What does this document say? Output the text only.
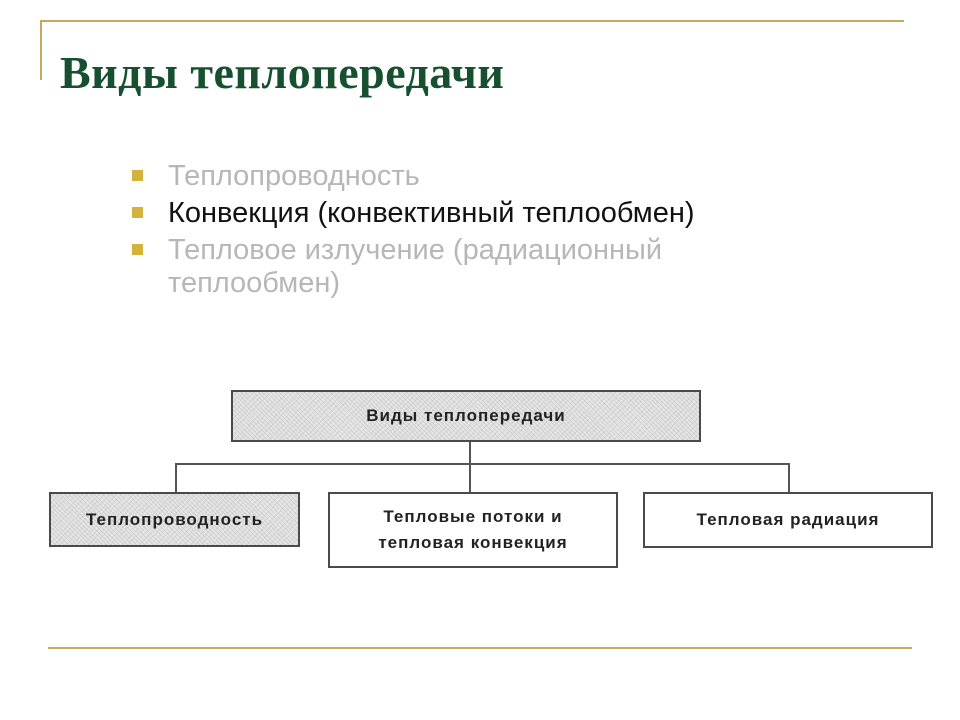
Виды теплопередачи
Теплопроводность
Конвекция (конвективный теплообмен)
Тепловое излучение (радиационный теплообмен)
Виды теплопередачи
Теплопроводность	Тепловые потоки и
тепловая конвекция
Тепловая радиация
